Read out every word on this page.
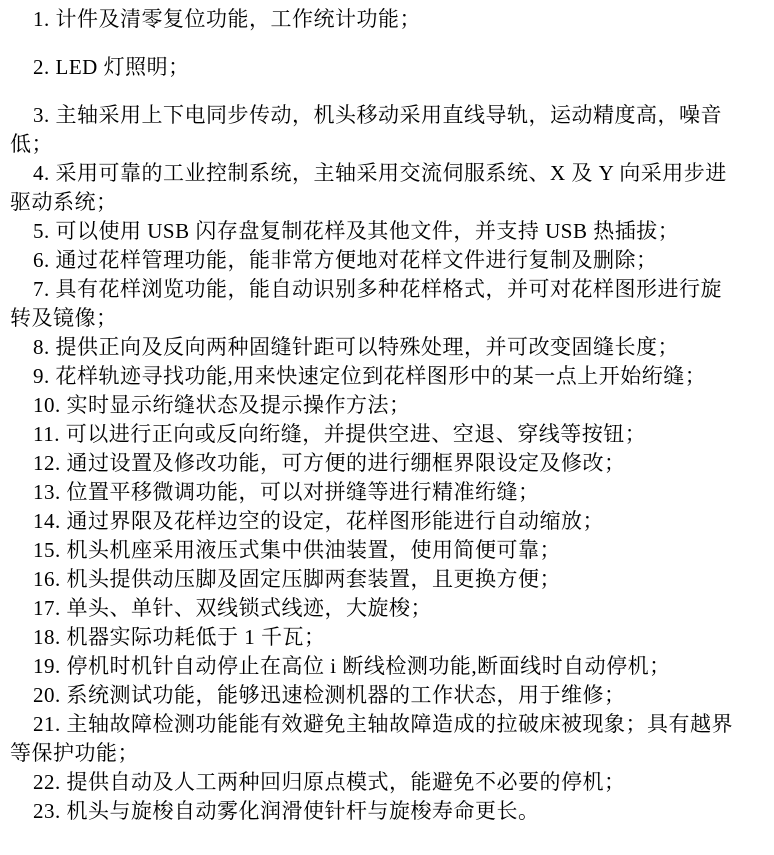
1. 计件及清零复位功能，工作统计功能；

2. LED 灯照明；

3. 主轴采用上下电同步传动，机头移动采用直线导轨，运动精度高，噪音低；

4. 采用可靠的工业控制系统，主轴采用交流伺服系统、X 及 Y 向采用步进驱动系统；

5. 可以使用 USB 闪存盘复制花样及其他文件，并支持 USB 热插拔；

6. 通过花样管理功能，能非常方便地对花样文件进行复制及删除；

7. 具有花样浏览功能，能自动识别多种花样格式，并可对花样图形进行旋转及镜像；

8. 提供正向及反向两种固缝针距可以特殊处理，并可改变固缝长度；

9. 花样轨迹寻找功能,用来快速定位到花样图形中的某一点上开始绗缝；

10. 实时显示绗缝状态及提示操作方法；

11. 可以进行正向或反向绗缝，并提供空进、空退、穿线等按钮；

12. 通过设置及修改功能，可方便的进行绷框界限设定及修改；

13. 位置平移微调功能，可以对拼缝等进行精准绗缝；

14. 通过界限及花样边空的设定，花样图形能进行自动缩放；

15. 机头机座采用液压式集中供油装置，使用简便可靠；

16. 机头提供动压脚及固定压脚两套装置，且更换方便；

17. 单头、单针、双线锁式线迹，大旋梭；

18. 机器实际功耗低于 1 千瓦；

19. 停机时机针自动停止在高位 i 断线检测功能,断面线时自动停机；

20. 系统测试功能，能够迅速检测机器的工作状态，用于维修；

21. 主轴故障检测功能能有效避免主轴故障造成的拉破床被现象；具有越界等保护功能；

22. 提供自动及人工两种回归原点模式，能避免不必要的停机；

23. 机头与旋梭自动雾化润滑使针杆与旋梭寿命更长。
